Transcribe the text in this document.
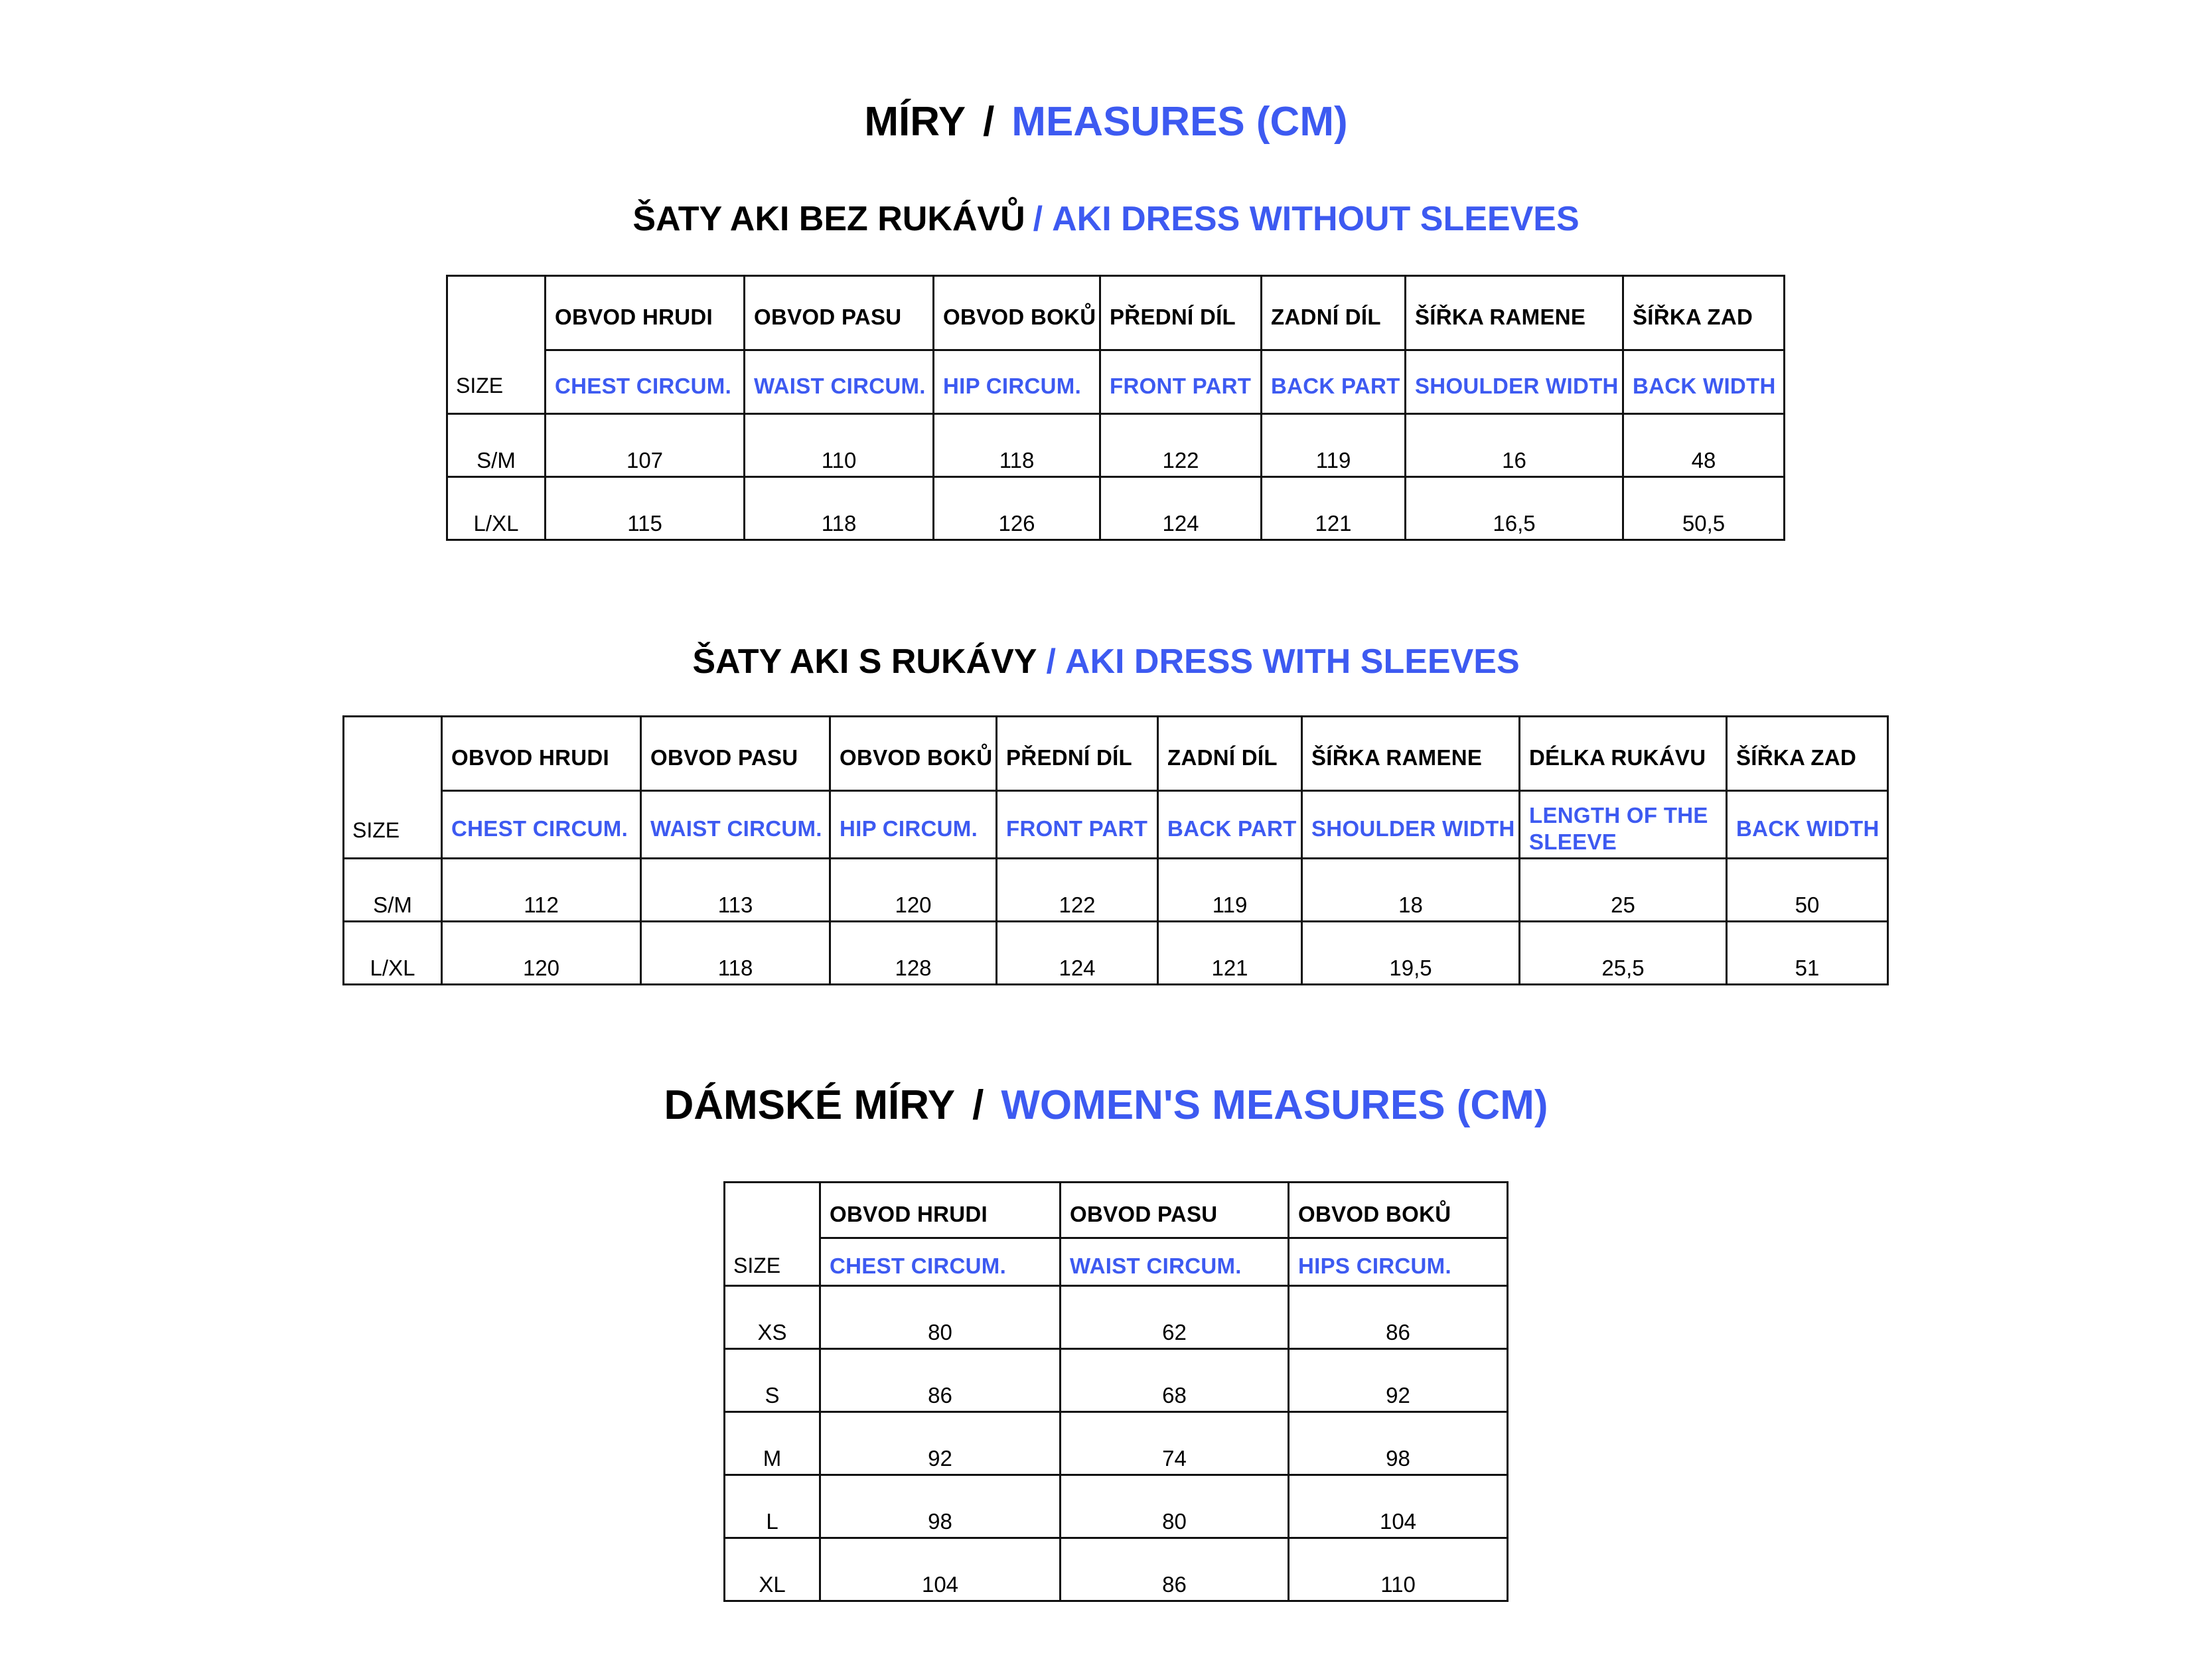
MÍRY / MEASURES (CM)
ŠATY AKI BEZ RUKÁVŮ / AKI DRESS WITHOUT SLEEVES
SIZE	OBVOD HRUDI	OBVOD PASU	OBVOD BOKŮ	PŘEDNÍ DÍL	ZADNÍ DÍL	ŠÍŘKA RAMENE	ŠÍŘKA ZAD

	CHEST CIRCUM.	WAIST CIRCUM.	HIP CIRCUM.	FRONT PART	BACK PART	SHOULDER WIDTH	BACK WIDTH

S/M	107	110	118	122	119	16	48
L/XL	115	118	126	124	121	16,5	50,5
ŠATY AKI S RUKÁVY / AKI DRESS WITH SLEEVES
SIZE	OBVOD HRUDI	OBVOD PASU	OBVOD BOKŮ	PŘEDNÍ DÍL	ZADNÍ DÍL	ŠÍŘKA RAMENE	DÉLKA RUKÁVU	ŠÍŘKA ZAD

	CHEST CIRCUM.	WAIST CIRCUM.	HIP CIRCUM.	FRONT PART	BACK PART	SHOULDER WIDTH	LENGTH OF THE SLEEVE	BACK WIDTH

S/M	112	113	120	122	119	18	25	50
L/XL	120	118	128	124	121	19,5	25,5	51
DÁMSKÉ MÍRY / WOMEN'S MEASURES (CM)
SIZE	OBVOD HRUDI	OBVOD PASU	OBVOD BOKŮ

	CHEST CIRCUM.	WAIST CIRCUM.	HIPS CIRCUM.

XS	80	62	86
S	86	68	92
M	92	74	98
L	98	80	104
XL	104	86	110
